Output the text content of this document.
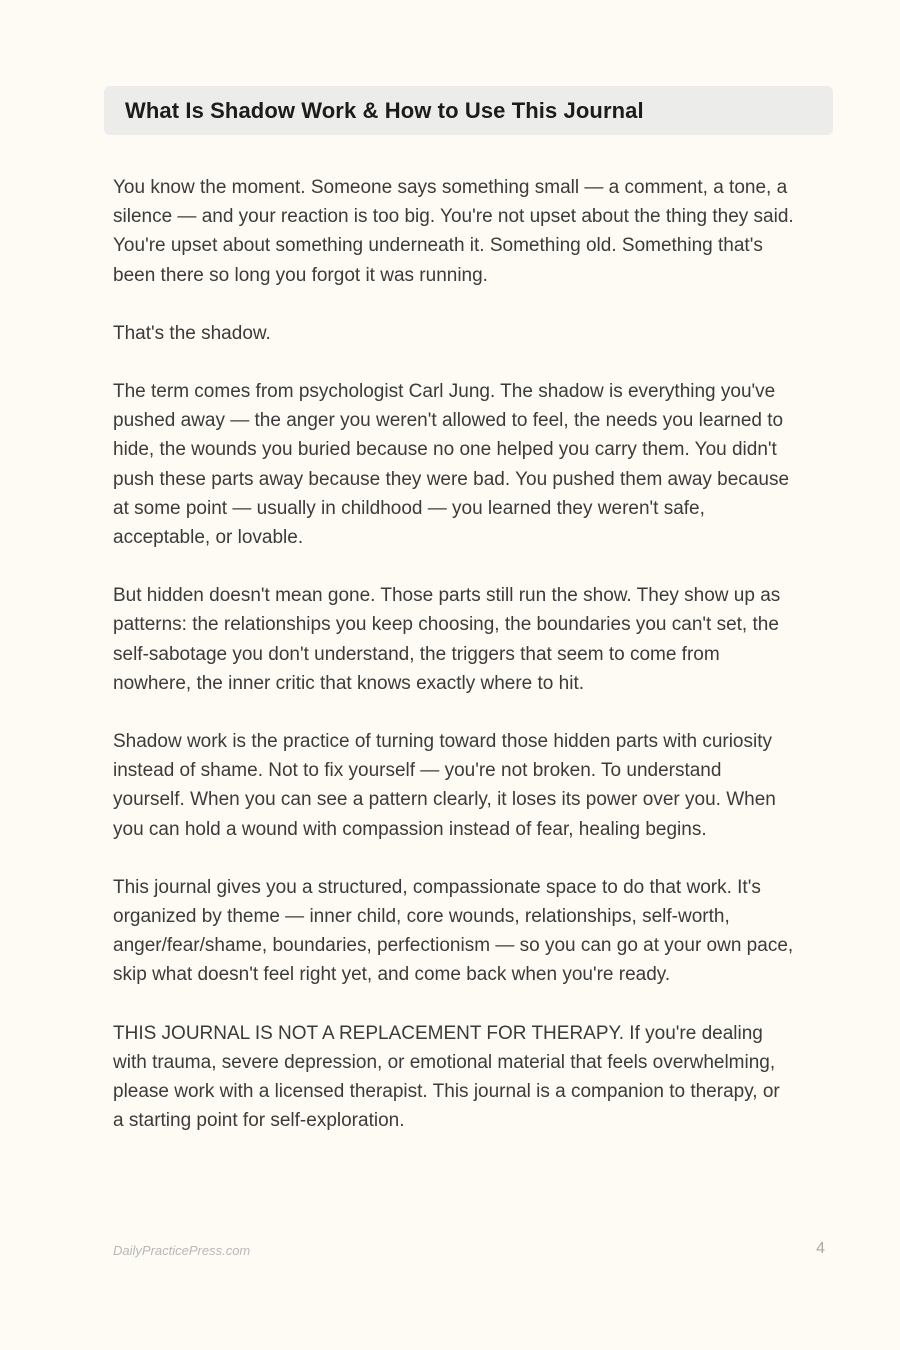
What Is Shadow Work & How to Use This Journal

You know the moment. Someone says something small — a comment, a tone, a
silence — and your reaction is too big. You're not upset about the thing they said.
You're upset about something underneath it. Something old. Something that's
been there so long you forgot it was running.

That's the shadow.

The term comes from psychologist Carl Jung. The shadow is everything you've
pushed away — the anger you weren't allowed to feel, the needs you learned to
hide, the wounds you buried because no one helped you carry them. You didn't
push these parts away because they were bad. You pushed them away because
at some point — usually in childhood — you learned they weren't safe,
acceptable, or lovable.

But hidden doesn't mean gone. Those parts still run the show. They show up as
patterns: the relationships you keep choosing, the boundaries you can't set, the
self-sabotage you don't understand, the triggers that seem to come from
nowhere, the inner critic that knows exactly where to hit.

Shadow work is the practice of turning toward those hidden parts with curiosity
instead of shame. Not to fix yourself — you're not broken. To understand
yourself. When you can see a pattern clearly, it loses its power over you. When
you can hold a wound with compassion instead of fear, healing begins.

This journal gives you a structured, compassionate space to do that work. It's
organized by theme — inner child, core wounds, relationships, self-worth,
anger/fear/shame, boundaries, perfectionism — so you can go at your own pace,
skip what doesn't feel right yet, and come back when you're ready.

THIS JOURNAL IS NOT A REPLACEMENT FOR THERAPY. If you're dealing
with trauma, severe depression, or emotional material that feels overwhelming,
please work with a licensed therapist. This journal is a companion to therapy, or
a starting point for self-exploration.

DailyPracticePress.com	4
